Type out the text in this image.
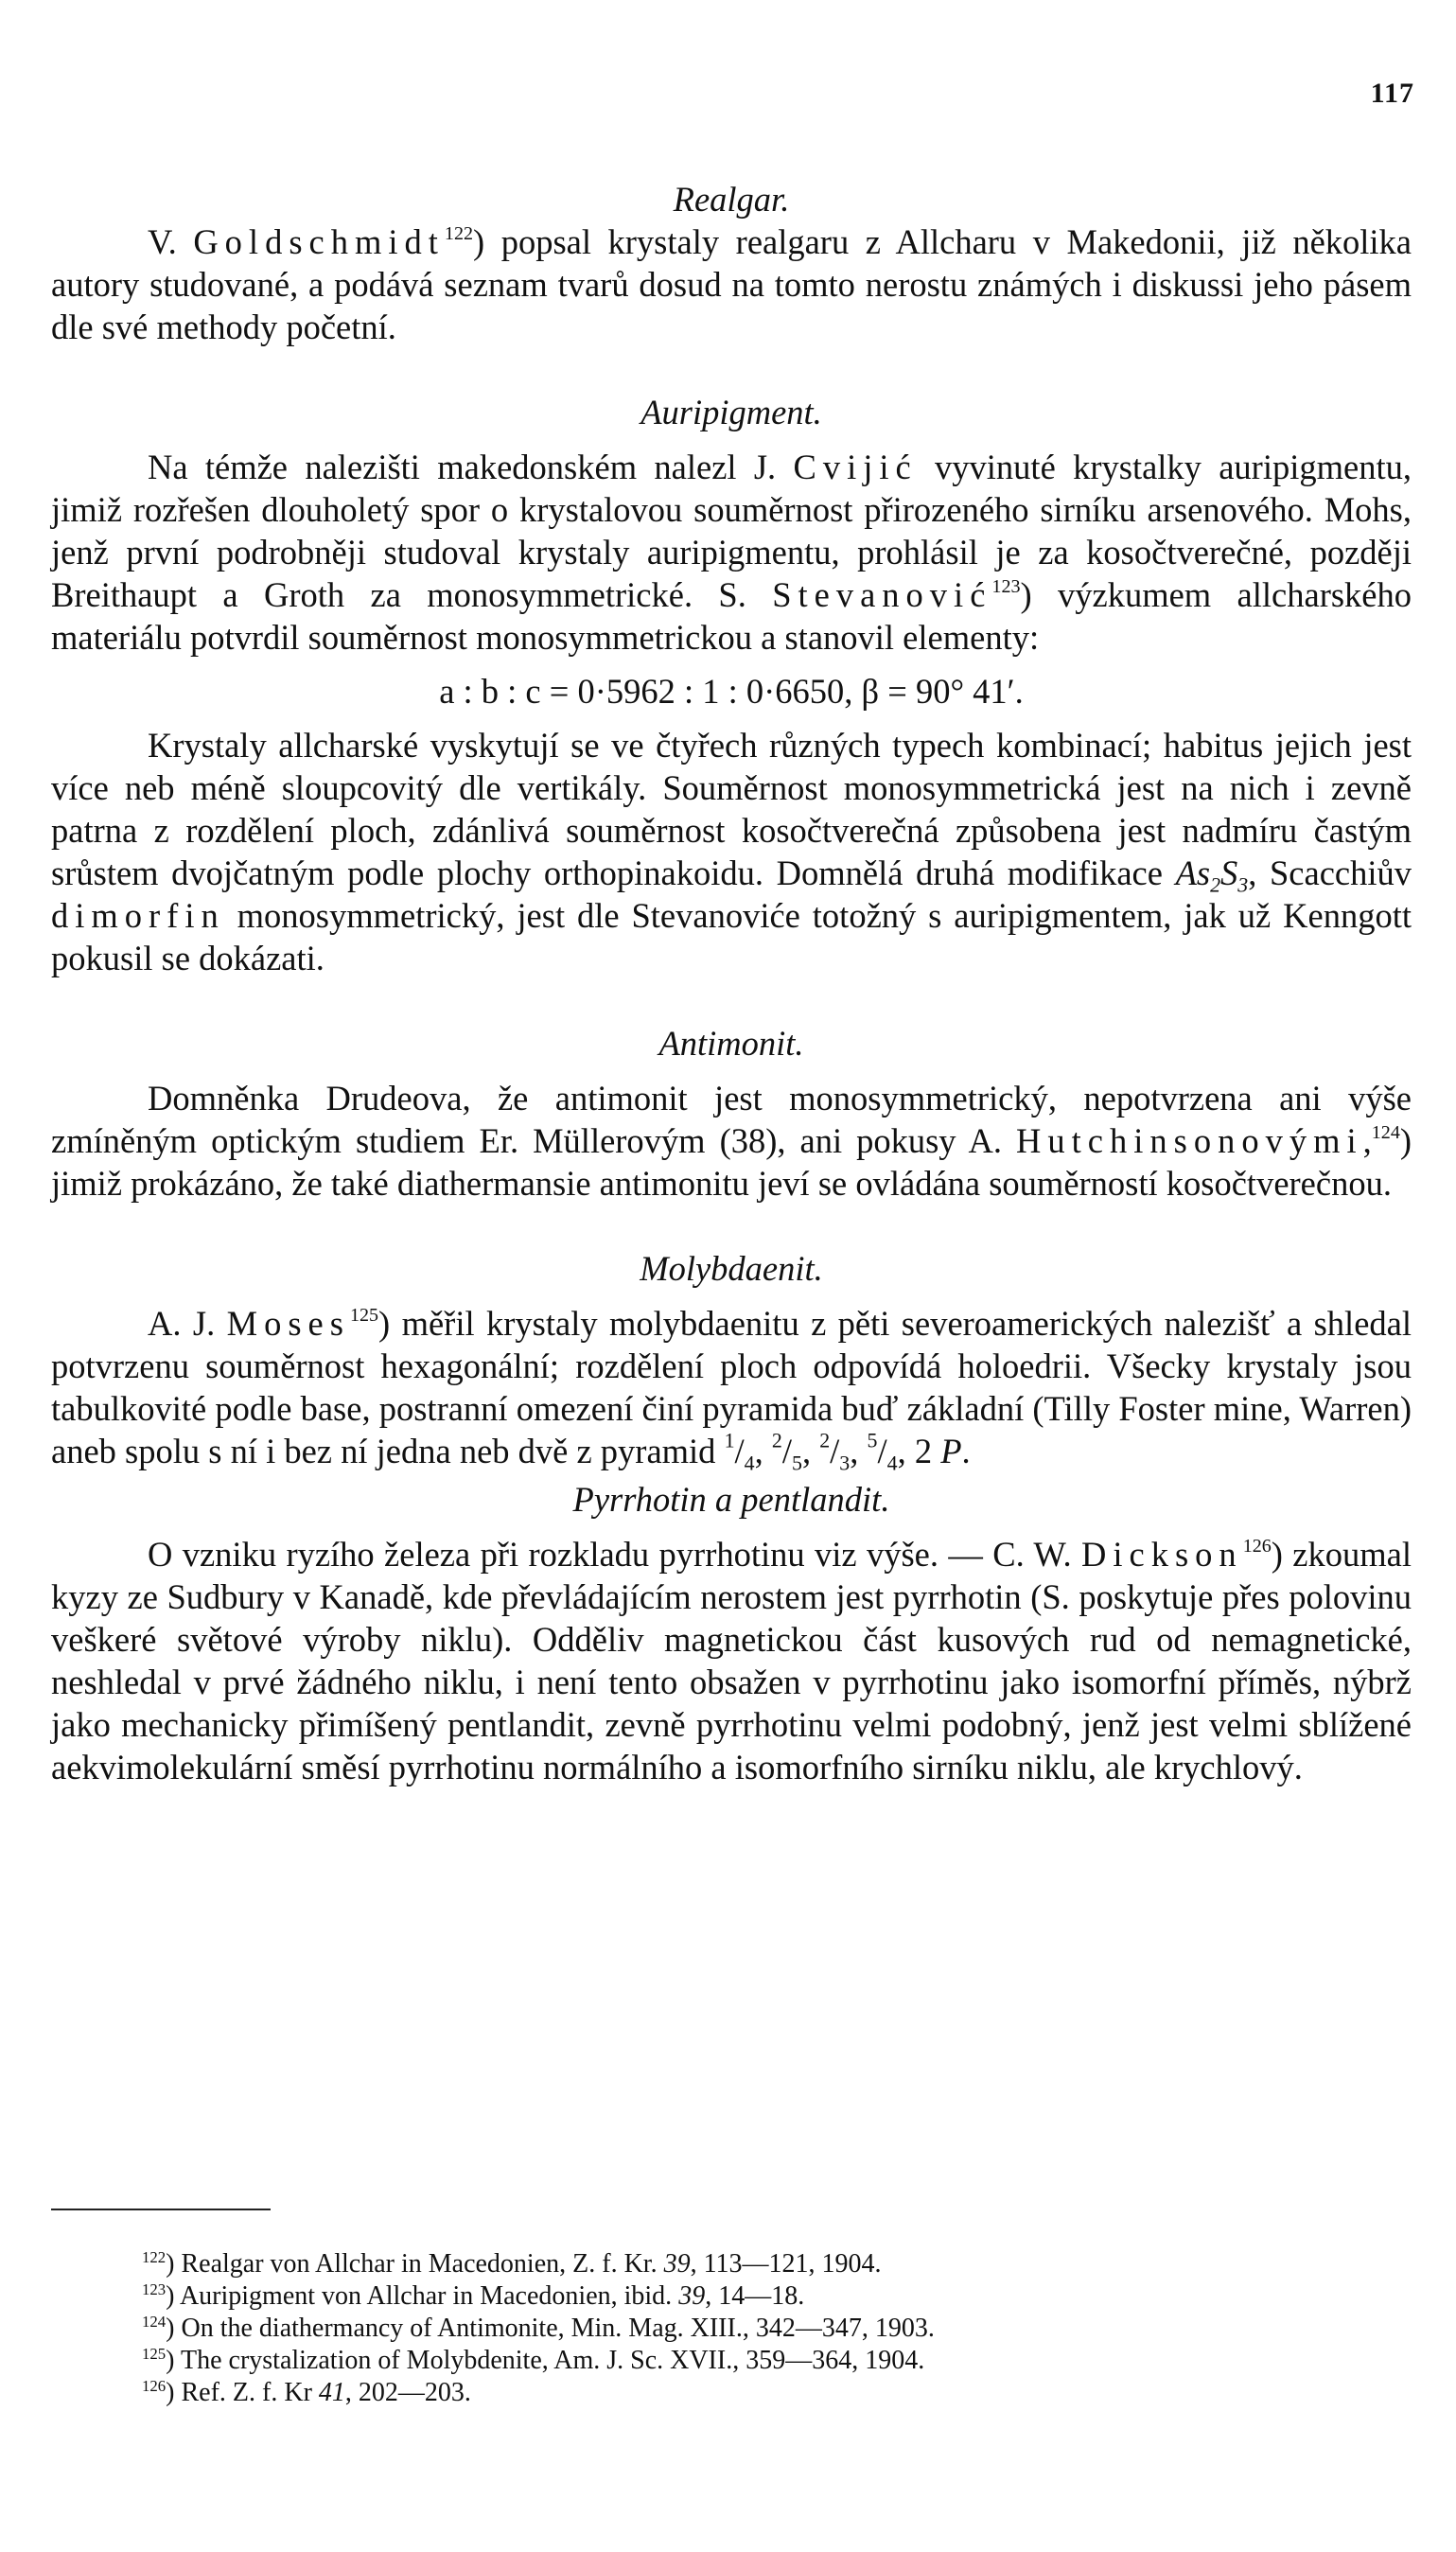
117
Realgar.

V. Goldschmidt$^{122}$) popsal krystaly realgaru z Allcharu v Makedonii, již několika autory studované, a podává seznam tvarů dosud na tomto nerostu známých i diskussi jeho pásem dle své methody početní.

Auripigment.

Na témže nalezišti makedonském nalezl J. Cvijić vyvinuté krystalky auripigmentu, jimiž rozřešen dlouholetý spor o krystalovou souměrnost přirozeného sirníku arsenového. Mohs, jenž první podrobněji studoval krystaly auripigmentu, prohlásil je za kosočtverečné, později Breithaupt a Groth za monosymmetrické. S. Stevanović$^{123}$) výzkumem allcharského materiálu potvrdil souměrnost monosymmetrickou a stanovil elementy:

a : b : c = 0·5962 : 1 : 0·6650, β = 90° 41′.

Krystaly allcharské vyskytují se ve čtyřech různých typech kombinací; habitus jejich jest více neb méně sloupcovitý dle vertikály. Souměrnost monosymmetrická jest na nich i zevně patrna z rozdělení ploch, zdánlivá souměrnost kosočtverečná způsobena jest nadmíru častým srůstem dvojčatným podle plochy orthopinakoidu. Domnělá druhá modifikace $As_2S_3$, Scacchiův dimorfin monosymmetrický, jest dle Stevanoviće totožný s auripigmentem, jak už Kenngott pokusil se dokázati.

Antimonit.

Domněnka Drudeova, že antimonit jest monosymmetrický, nepotvrzena ani výše zmíněným optickým studiem Er. Müllerovým (38), ani pokusy A. Hutchinsonovými,$^{124}$) jimiž prokázáno, že také diathermansie antimonitu jeví se ovládána souměrností kosočtverečnou.

Molybdaenit.

A. J. Moses$^{125}$) měřil krystaly molybdaenitu z pěti severoamerických nalezišť a shledal potvrzenu souměrnost hexagonální; rozdělení ploch odpovídá holoedrii. Všecky krystaly jsou tabulkovité podle base, postranní omezení činí pyramida buď základní (Tilly Foster mine, Warren) aneb spolu s ní i bez ní jedna neb dvě z pyramid $^1/_4$, $^2/_5$, $^2/_3$, $^5/_4$, 2 P.

Pyrrhotin a pentlandit.

O vzniku ryzího železa při rozkladu pyrrhotinu viz výše. — C. W. Dickson$^{126}$) zkoumal kyzy ze Sudbury v Kanadě, kde převládajícím nerostem jest pyrrhotin (S. poskytuje přes polovinu veškeré světové výroby niklu). Odděliv magnetickou část kusových rud od nemagnetické, neshledal v prvé žádného niklu, i není tento obsažen v pyrrhotinu jako isomorfní příměs, nýbrž jako mechanicky přimíšený pentlandit, zevně pyrrhotinu velmi podobný, jenž jest velmi sblížené aekvimolekulární směsí pyrrhotinu normálního a isomorfního sirníku niklu, ale krychlový.

$^{122}$) Realgar von Allchar in Macedonien, Z. f. Kr. 39, 113—121, 1904.

$^{123}$) Auripigment von Allchar in Macedonien, ibid. 39, 14—18.

$^{124}$) On the diathermancy of Antimonite, Min. Mag. XIII., 342—347, 1903.

$^{125}$) The crystalization of Molybdenite, Am. J. Sc. XVII., 359—364, 1904.

$^{126}$) Ref. Z. f. Kr 41, 202—203.
